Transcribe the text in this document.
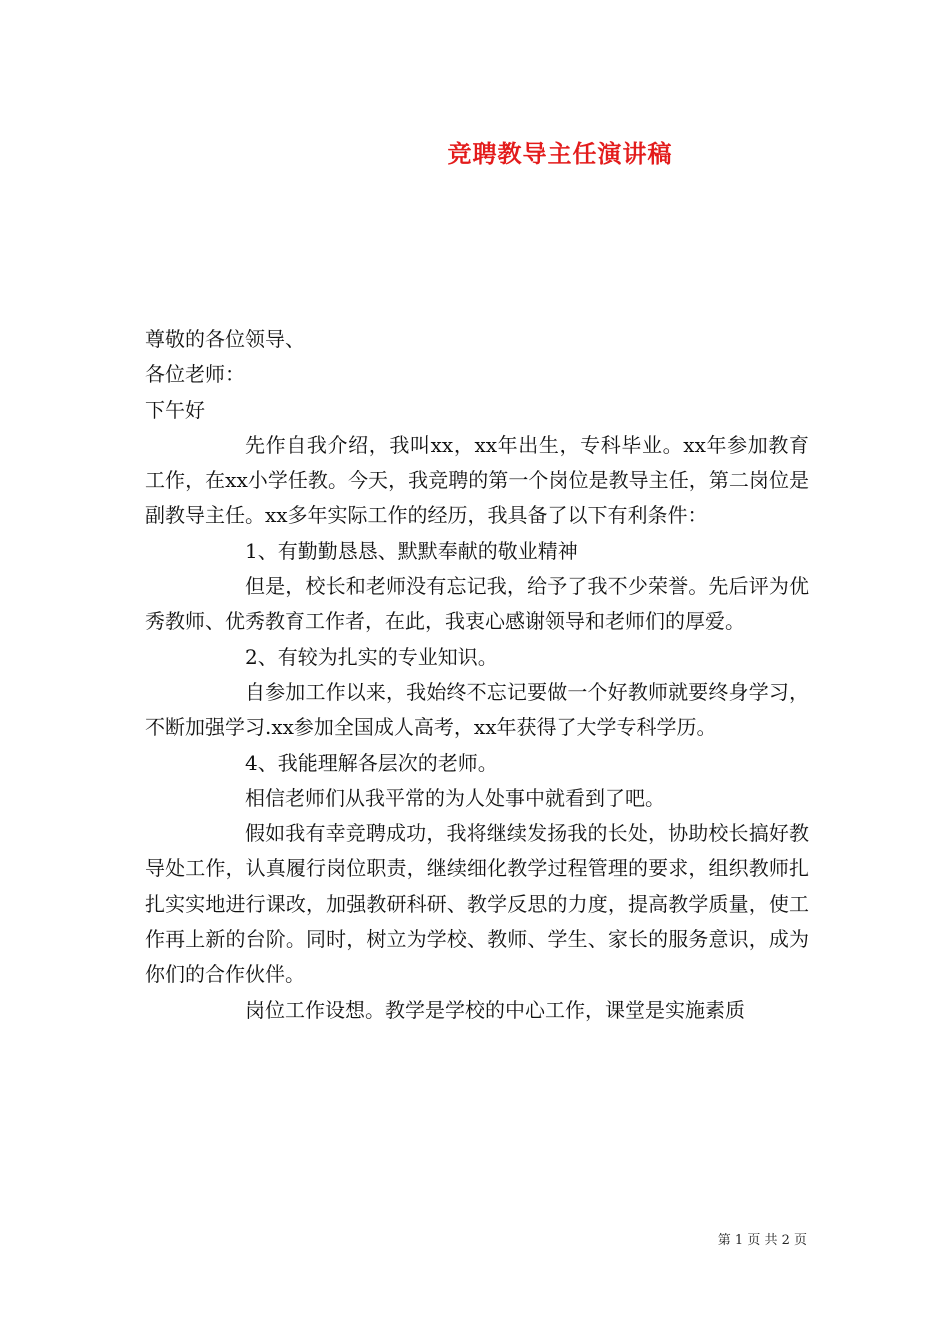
竞聘教导主任演讲稿

尊敬的各位领导、

各位老师：

下午好

先作自我介绍，我叫xx，xx年出生，专科毕业。xx年参加教育工作，在xx小学任教。今天，我竞聘的第一个岗位是教导主任，第二岗位是副教导主任。xx多年实际工作的经历，我具备了以下有利条件：

1、有勤勤恳恳、默默奉献的敬业精神

但是，校长和老师没有忘记我，给予了我不少荣誉。先后评为优秀教师、优秀教育工作者，在此，我衷心感谢领导和老师们的厚爱。

2、有较为扎实的专业知识。

自参加工作以来，我始终不忘记要做一个好教师就要终身学习，不断加强学习.xx参加全国成人高考，xx年获得了大学专科学历。

4、我能理解各层次的老师。

相信老师们从我平常的为人处事中就看到了吧。

假如我有幸竞聘成功，我将继续发扬我的长处，协助校长搞好教导处工作，认真履行岗位职责，继续细化教学过程管理的要求，组织教师扎扎实实地进行课改，加强教研科研、教学反思的力度，提高教学质量，使工作再上新的台阶。同时，树立为学校、教师、学生、家长的服务意识，成为你们的合作伙伴。

岗位工作设想。教学是学校的中心工作，课堂是实施素质

第 1 页 共 2 页
